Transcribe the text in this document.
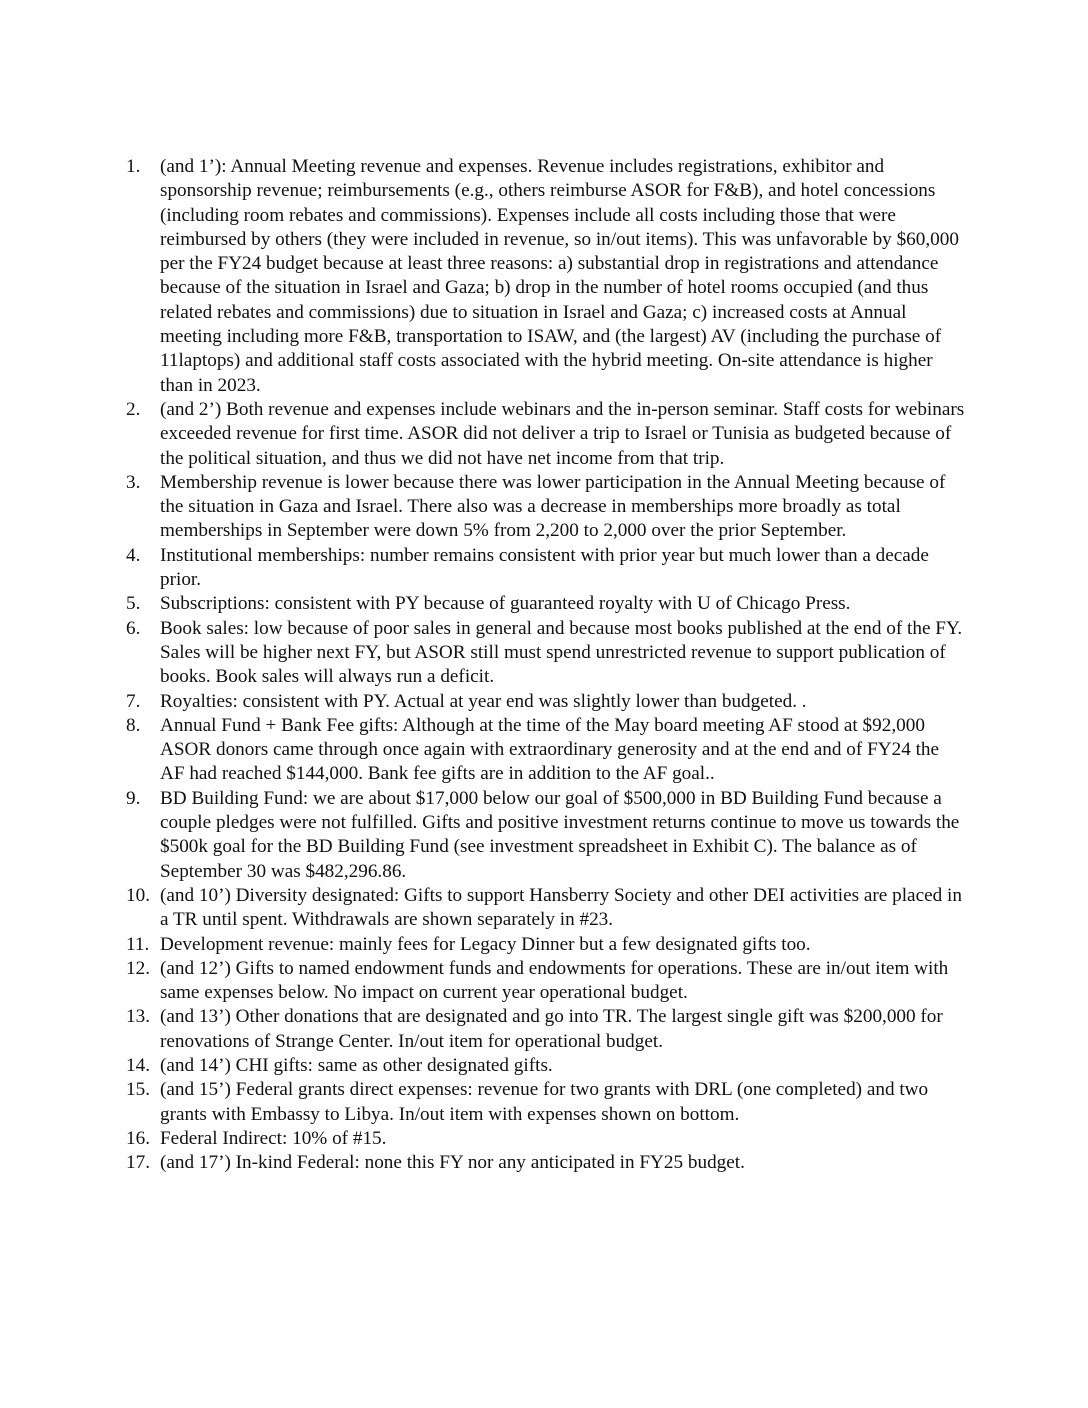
1.	(and 1’): Annual Meeting revenue and expenses. Revenue includes registrations, exhibitor and sponsorship revenue; reimbursements (e.g., others reimburse ASOR for F&B), and hotel concessions (including room rebates and commissions). Expenses include all costs including those that were reimbursed by others (they were included in revenue, so in/out items). This was unfavorable by $60,000 per the FY24 budget because at least three reasons: a) substantial drop in registrations and attendance because of the situation in Israel and Gaza; b) drop in the number of hotel rooms occupied (and thus related rebates and commissions) due to situation in Israel and Gaza; c) increased costs at Annual meeting including more F&B, transportation to ISAW, and (the largest) AV (including the purchase of 11laptops) and additional staff costs associated with the hybrid meeting. On-site attendance is higher than in 2023.
2.	(and 2’) Both revenue and expenses include webinars and the in-person seminar. Staff costs for webinars exceeded revenue for first time. ASOR did not deliver a trip to Israel or Tunisia as budgeted because of the political situation, and thus we did not have net income from that trip.
3.	Membership revenue is lower because there was lower participation in the Annual Meeting because of the situation in Gaza and Israel. There also was a decrease in memberships more broadly as total memberships in September were down 5% from 2,200 to 2,000 over the prior September.
4.	Institutional memberships: number remains consistent with prior year but much lower than a decade prior.
5.	Subscriptions: consistent with PY because of guaranteed royalty with U of Chicago Press.
6.	Book sales: low because of poor sales in general and because most books published at the end of the FY. Sales will be higher next FY, but ASOR still must spend unrestricted revenue to support publication of books. Book sales will always run a deficit.
7.	Royalties: consistent with PY. Actual at year end was slightly lower than budgeted. .
8.	Annual Fund + Bank Fee gifts: Although at the time of the May board meeting AF stood at $92,000 ASOR donors came through once again with extraordinary generosity and at the end and of FY24 the AF had reached $144,000. Bank fee gifts are in addition to the AF goal..
9.	BD Building Fund: we are about $17,000 below our goal of $500,000 in BD Building Fund because a couple pledges were not fulfilled. Gifts and positive investment returns continue to move us towards the $500k goal for the BD Building Fund (see investment spreadsheet in Exhibit C). The balance as of September 30 was $482,296.86.
10. (and 10’) Diversity designated: Gifts to support Hansberry Society and other DEI activities are placed in a TR until spent. Withdrawals are shown separately in #23.
11. Development revenue: mainly fees for Legacy Dinner but a few designated gifts too.
12. (and 12’) Gifts to named endowment funds and endowments for operations. These are in/out item with same expenses below. No impact on current year operational budget.
13. (and 13’) Other donations that are designated and go into TR. The largest single gift was $200,000 for renovations of Strange Center. In/out item for operational budget.
14. (and 14’) CHI gifts: same as other designated gifts.
15. (and 15’) Federal grants direct expenses: revenue for two grants with DRL (one completed) and two grants with Embassy to Libya. In/out item with expenses shown on bottom.
16. Federal Indirect: 10% of #15.
17. (and 17’) In-kind Federal: none this FY nor any anticipated in FY25 budget.
